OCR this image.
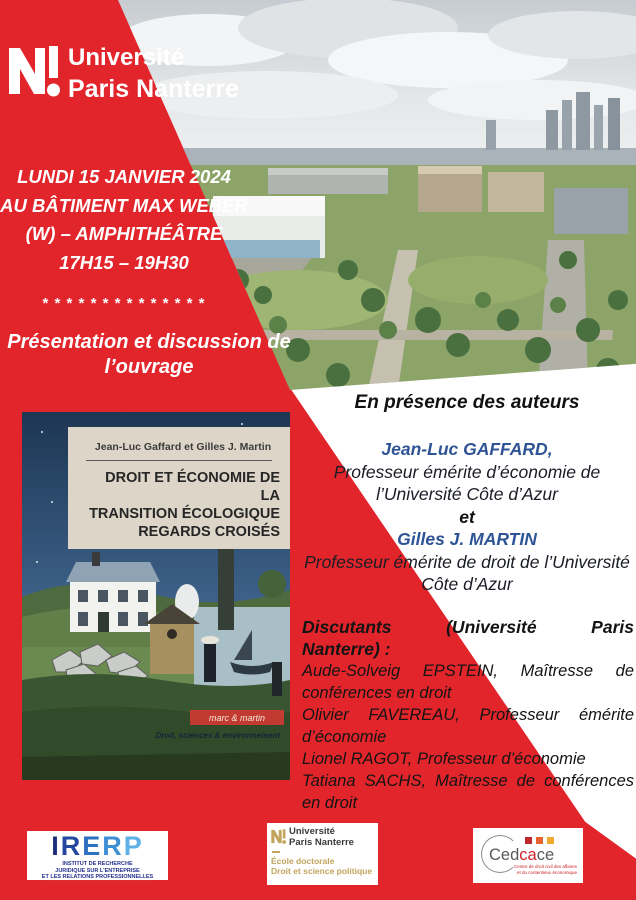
Université
Paris Nanterre
LUNDI 15 JANVIER 2024
AU BÂTIMENT MAX WEBER
(W) – AMPHITHÉÂTRE
17H15 – 19H30
* * * * * * * * * * * * * *
Présentation et discussion de
l’ouvrage
marc & martin
Droit, sciences & environnement
Jean-Luc Gaffard et Gilles J. Martin
DROIT ET ÉCONOMIE DE LA
TRANSITION ÉCOLOGIQUE
REGARDS CROISÉS
En présence des auteurs
Jean-Luc GAFFARD,
Professeur émérite d’économie de
l’Université Côte d’Azur
et
Gilles J. MARTIN
Professeur émérite de droit de l’Université
Côte d’Azur
Discutants (Université Paris
Nanterre) :
Aude-Solveig EPSTEIN, Maîtresse de conférences en droit
Olivier FAVEREAU, Professeur émérite d’économie
Lionel RAGOT, Professeur d’économie
Tatiana SACHS, Maîtresse de conférences en droit
IRERP
INSTITUT DE RECHERCHE
JURIDIQUE SUR L'ENTREPRISE
ET LES RELATIONS PROFESSIONNELLES
Université
Paris Nanterre
École doctorale
Droit et science politique
Cedcace
Centre de droit civil des affaires
et du contentieux économique
